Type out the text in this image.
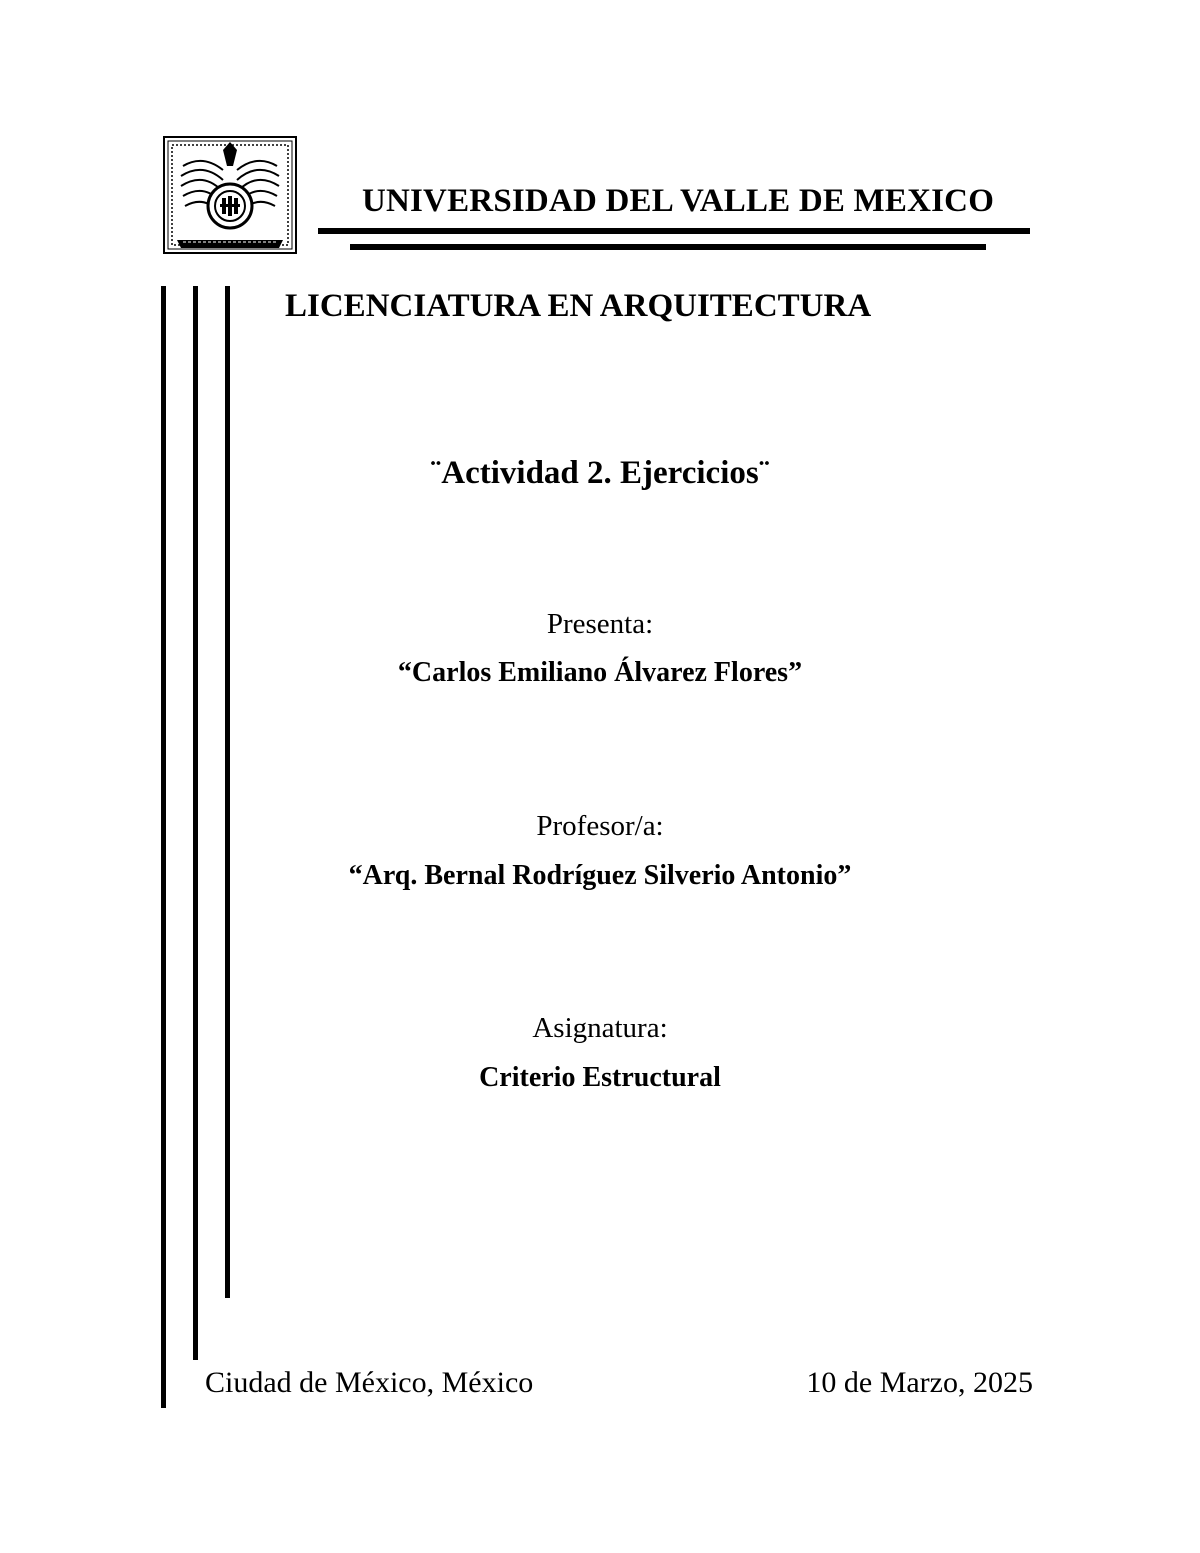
UNIVERSIDAD DEL VALLE DE MEXICO
LICENCIATURA EN ARQUITECTURA
¨Actividad 2. Ejercicios¨
Presenta:
“Carlos Emiliano Álvarez Flores”
Profesor/a:
“Arq. Bernal Rodríguez Silverio Antonio”
Asignatura:
Criterio Estructural
Ciudad de México, México	10 de Marzo, 2025
